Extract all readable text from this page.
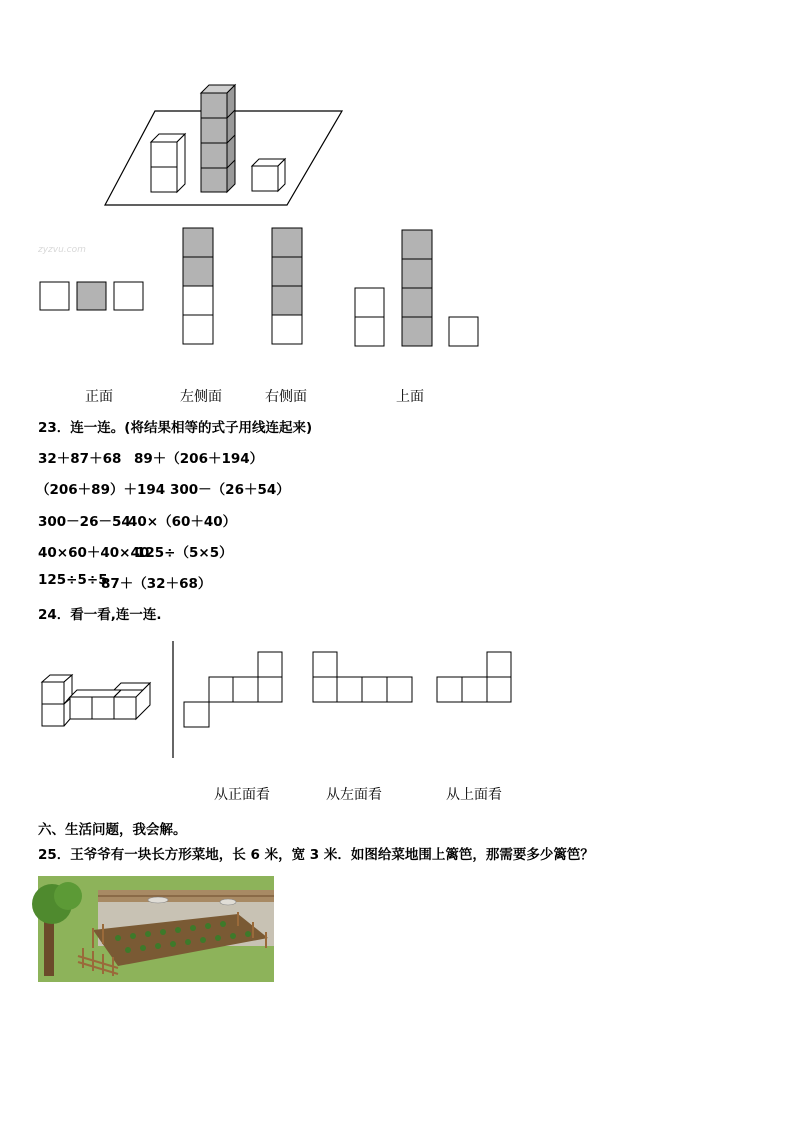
zyzvu.com
正面	左侧面	右侧面	上面
23．连一连。(将结果相等的式子用线连起来)
32＋87＋68 89＋（206＋194）
（206＋89）＋194 300－（26＋54）
300－26－54
40×（60＋40）
40×60＋40×40
125÷（5×5）
125÷5÷5
87＋（32＋68）
24．看一看,连一连.
从正面看	从左面看	从上面看
六、生活问题，我会解。
25．王爷爷有一块长方形菜地，长 6 米，宽 3 米．如图给菜地围上篱笆，那需要多少篱笆？
